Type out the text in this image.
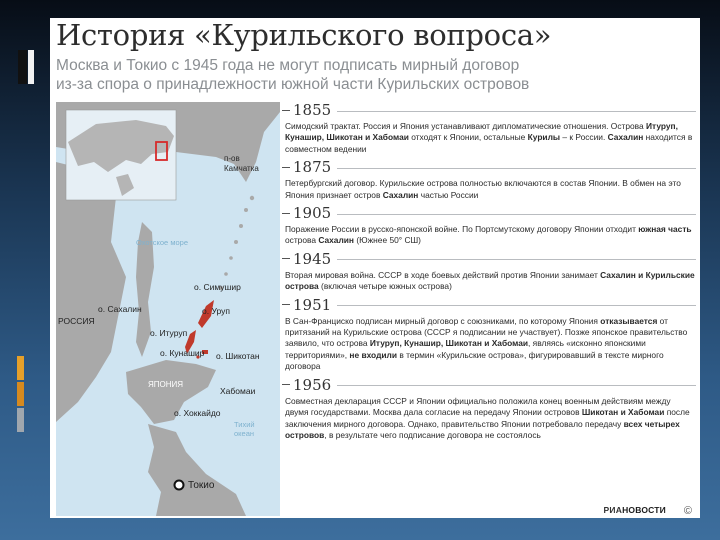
История «Курильского вопроса»
Москва и Токио с 1945 года не могут подписать мирный договор
из-за спора о принадлежности южной части Курильских островов
п-ов
Камчатка
Охотское море
о. Симушир
о. Сахалин	о. Уруп
РОССИЯ
о. Итуруп
о. Кунашир о. Шикотан
ЯПОНИЯ
Хабомаи
о. Хоккайдо
Тихий
океан
Токио
1855
Симодский трактат. Россия и Япония устанавливают дипломатические отношения. Острова Итуруп, Кунашир, Шикотан и Хабомаи отходят к Японии, остальные Курилы – к России. Сахалин находится в совместном ведении
1875
Петербургский договор. Курильские острова полностью включаются в состав Японии. В обмен на это Япония признает остров Сахалин частью России
1905
Поражение России в русско-японской войне. По Портсмутскому договору Японии отходит южная часть острова Сахалин (Южнее 50° СШ)
1945
Вторая мировая война. СССР в ходе боевых действий против Японии занимает Сахалин и Курильские острова (включая четыре южных острова)
1951
В Сан-Франциско подписан мирный договор с союзниками, по которому Япония отказывается от притязаний на Курильские острова (СССР я подписании не участвует). Позже японское правительство заявило, что острова Итуруп, Кунашир, Шикотан и Хабомаи, являясь «исконно японскими территориями», не входили в термин «Курильские острова», фигурировавший в тексте мирного договора
1956
Совместная декларация СССР и Японии официально положила конец военным действиям между двумя государствами. Москва дала согласие на передачу Японии островов Шикотан и Хабомаи после заключения мирного договора. Однако, правительство Японии потребовало передачу всех четырех островов, в результате чего подписание договора не состоялось
РИАНОВОСТИ ©
